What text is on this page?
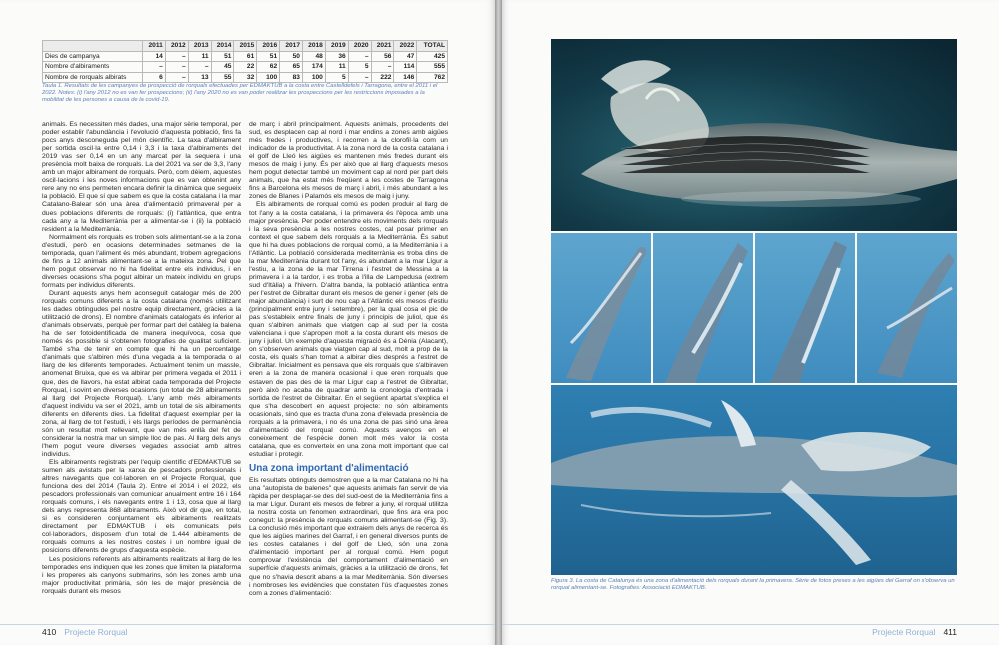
	2011	2012	2013	2014	2015	2016	2017	2018	2019	2020	2021	2022	TOTAL
Dies de campanya	14	–	11	51	61	51	50	48	36	–	56	47	425
Nombre d'albiraments	–	–	–	45	22	62	65	174	11	5	–	114	555
Nombre de rorquals albirats	6	–	13	55	32	100	83	100	5	–	222	146	762
Taula 1. Resultats de les campanyes de prospecció de rorquals efectuades per EDMAKTUB a la costa entre Castelldefels i Tarragona, entre el 2011 i el 2022. Notes: (i) l'any 2012 no es van fer prospeccions; (ii) l'any 2020 no es van poder realitzar les prospeccions per les restriccions imposades a la mobilitat de les persones a causa de la covid-19.

animals. Es necessiten més dades, una major sèrie temporal, per poder establir l'abundància i l'evolució d'aquesta població, fins fa pocs anys desconeguda pel món científic. La taxa d'albirament per sortida oscil·la entre 0,14 i 3,3 i la taxa d'albiraments del 2019 vas ser 0,14 en un any marcat per la sequera i una presència molt baixa de rorquals. La del 2021 va ser de 3,3, l'any amb un major albirament de rorquals. Però, com dèiem, aquestes oscil·lacions i les noves informacions que es van obtenint any rere any no ens permeten encara definir la dinàmica que segueix la població. El que sí que sabem es que la costa catalana i la mar Catalano-Balear són una àrea d'alimentació primaveral per a dues poblacions diferents de rorquals: (i) l'atlàntica, que entra cada any a la Mediterrània per a alimentar-se i (ii) la població resident a la Mediterrània.

Normalment els rorquals es troben sols alimentant-se a la zona d'estudi, però en ocasions determinades setmanes de la temporada, quan l'aliment és més abundant, trobem agregacions de fins a 12 animals alimentant-se a la mateixa zona. Pel que hem pogut observar no hi ha fidelitat entre els individus, i en diverses ocasions s'ha pogut albirar un mateix individu en grups formats per individus diferents.

Durant aquests anys hem aconseguit catalogar més de 200 rorquals comuns diferents a la costa catalana (només utilitzant les dades obtingudes pel nostre equip directament, gràcies a la utilització de drons). El nombre d'animals catalogats és inferior al d'animals observats, perquè per formar part del catàleg la balena ha de ser fotoidentificada de manera inequívoca, cosa que només és possible si s'obtenen fotografies de qualitat suficient. També s'ha de tenir en compte que hi ha un percentatge d'animals que s'albiren més d'una vegada a la temporada o al llarg de les diferents temporades. Actualment tenim un massle, anomenat Bruixa, que es va albirar per primera vegada el 2011 i que, des de llavors, ha estat albirat cada temporada del Projecte Rorqual, i sovint en diverses ocasions (un total de 28 albiraments al llarg del Projecte Rorqual). L'any amb més albiraments d'aquest individu va ser el 2021, amb un total de sis albiraments diferents en diferents dies. La fidelitat d'aquest exemplar per la zona, al llarg de tot l'estudi, i els llargs períodes de permanència són un resultat molt rellevant, que van més enllà del fet de considerar la nostra mar un simple lloc de pas. Al llarg dels anys l'hem pogut veure diverses vegades associat amb altres individus.

Els albiraments registrats per l'equip científic d'EDMAKTUB se sumen als avistats per la xarxa de pescadors professionals i altres navegants que col·laboren en el Projecte Rorqual, que funciona des del 2014 (Taula 2). Entre el 2014 i el 2022, els pescadors professionals van comunicar anualment entre 16 i 164 rorquals comuns, i els navegants entre 1 i 13, cosa que al llarg dels anys representa 868 albiraments. Això vol dir que, en total, si es consideren conjuntament els albiraments realitzats directament per EDMAKTUB i els comunicats pels col·laboradors, disposem d'un total de 1.444 albiraments de rorquals comuns a les nostres costes i un nombre igual de posicions diferents de grups d'aquesta espècie.

Les posicions referents als albiraments realitzats al llarg de les temporades ens indiquen que les zones que limiten la plataforma i les properes als canyons submarins, són les zones amb una major productivitat primària, són les de major presència de rorquals durant els mesos

de març i abril principalment. Aquests animals, procedents del sud, es desplacen cap al nord i mar endins a zones amb aigües més fredes i productives, i recorren a la clorofil·la com un indicador de la productivitat. A la zona nord de la costa catalana i el golf de Lleó les aigües es mantenen més fredes durant els mesos de maig i juny. És per això que al llarg d'aquests mesos hem pogut detectar també un moviment cap al nord per part dels animals, que ha estat més freqüent a les costes de Tarragona fins a Barcelona els mesos de març i abril, i més abundant a les zones de Blanes i Palamós els mesos de maig i juny.

Els albiraments de rorqual comú es poden produir al llarg de tot l'any a la costa catalana, i la primavera és l'època amb una major presència. Per poder entendre els moviments dels rorquals i la seva presència a les nostres costes, cal posar primer en context el que sabem dels rorquals a la Mediterrània. És sabut que hi ha dues poblacions de rorqual comú, a la Mediterrània i a l'Atlàntic. La població considerada mediterrània es troba dins de la mar Mediterrània durant tot l'any, és abundant a la mar Lígur a l'estiu, a la zona de la mar Tirrena i l'estret de Messina a la primavera i a la tardor, i es troba a l'illa de Lampedusa (extrem sud d'Itàlia) a l'hivern. D'altra banda, la població atlàntica entra per l'estret de Gibraltar durant els mesos de gener i gener (els de major abundància) i surt de nou cap a l'Atlàntic els mesos d'estiu (principalment entre juny i setembre), per la qual cosa el pic de pas s'estableix entre finals de juny i principis de juliol, que és quan s'albiren animals que viatgen cap al sud per la costa valenciana i que s'apropen molt a la costa durant els mesos de juny i juliol. Un exemple d'aquesta migració és a Dénia (Alacant), on s'observen animals que viatgen cap al sud, molt a prop de la costa, els quals s'han tornat a albirar dies després a l'estret de Gibraltar. Inicialment es pensava que els rorquals que s'albiraven eren a la zona de manera ocasional i que eren rorquals que estaven de pas des de la mar Lígur cap a l'estret de Gibraltar, però això no acaba de quadrar amb la cronologia d'entrada i sortida de l'estret de Gibraltar. En el següent apartat s'explica el que s'ha descobert en aquest projecte: no són albiraments ocasionals, sinó que es tracta d'una zona d'elevada presència de rorquals a la primavera, i no és una zona de pas sinó una àrea d'alimentació del rorqual comú. Aquests avenços en el coneixement de l'espècie donen molt més valor la costa catalana, que es converteix en una zona molt important que cal estudiar i protegir.

Una zona important d'alimentació

Els resultats obtinguts demostren que a la mar Catalana no hi ha una "autopista de balenes" que aquests animals fan servir de via ràpida per desplaçar-se des del sud-oest de la Mediterrània fins a la mar Lígur. Durant els mesos de febrer a juny, el rorqual utilitza la nostra costa un fenomen extraordinari, que fins ara era poc conegut: la presència de rorquals comuns alimentant-se (Fig. 3). La conclusió més important que extraiem dels anys de recerca és que les aigües marines del Garraf, i en general diversos punts de les costes catalanes i del golf de Lleó, són una zona d'alimentació important per al rorqual comú. Hem pogut comprovar l'existència del comportament d'alimentació en superfície d'aquests animals, gràcies a la utilització de drons, fet que no s'havia descrit abans a la mar Mediterrània. Són diverses i nombroses les evidències que constaten l'ús d'aquestes zones com a zones d'alimentació:

410 Projecte Rorqual
Figura 3. La costa de Catalunya és una zona d'alimentació dels rorquals durant la primavera. Sèrie de fotos preses a les aigües del Garraf on s'observa un rorqual alimentant-se. Fotografies: Associació EDMAKTUB.
Projecte Rorqual 411
